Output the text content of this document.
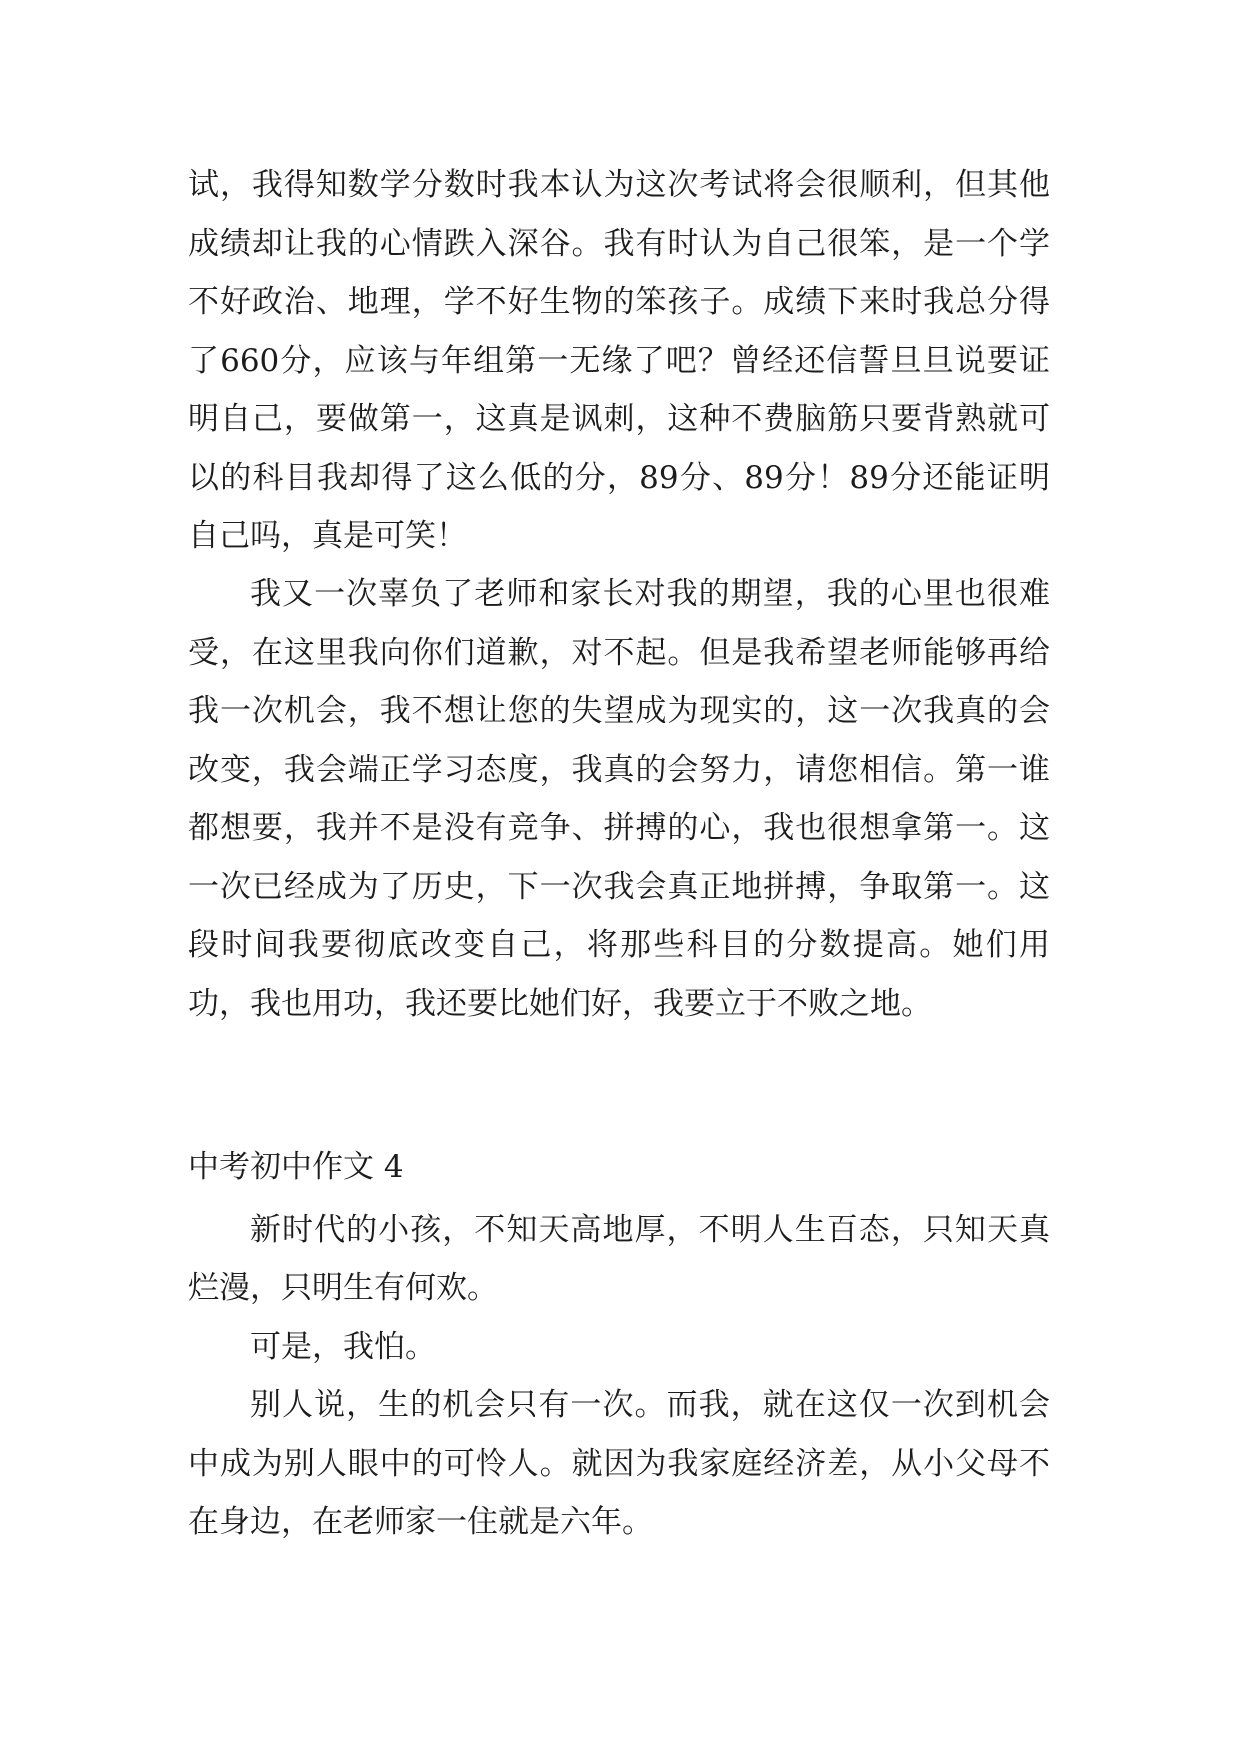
试，我得知数学分数时我本认为这次考试将会很顺利，但其他成绩却让我的心情跌入深谷。我有时认为自己很笨，是一个学不好政治、地理，学不好生物的笨孩子。成绩下来时我总分得了660分，应该与年组第一无缘了吧？曾经还信誓旦旦说要证明自己，要做第一，这真是讽刺，这种不费脑筋只要背熟就可以的科目我却得了这么低的分，89分、89分！89分还能证明自己吗，真是可笑！

我又一次辜负了老师和家长对我的期望，我的心里也很难受，在这里我向你们道歉，对不起。但是我希望老师能够再给我一次机会，我不想让您的失望成为现实的，这一次我真的会改变，我会端正学习态度，我真的会努力，请您相信。第一谁都想要，我并不是没有竞争、拼搏的心，我也很想拿第一。这一次已经成为了历史，下一次我会真正地拼搏，争取第一。这段时间我要彻底改变自己，将那些科目的分数提高。她们用功，我也用功，我还要比她们好，我要立于不败之地。

中考初中作文 4

新时代的小孩，不知天高地厚，不明人生百态，只知天真烂漫，只明生有何欢。

可是，我怕。

别人说，生的机会只有一次。而我，就在这仅一次到机会中成为别人眼中的可怜人。就因为我家庭经济差，从小父母不在身边，在老师家一住就是六年。
